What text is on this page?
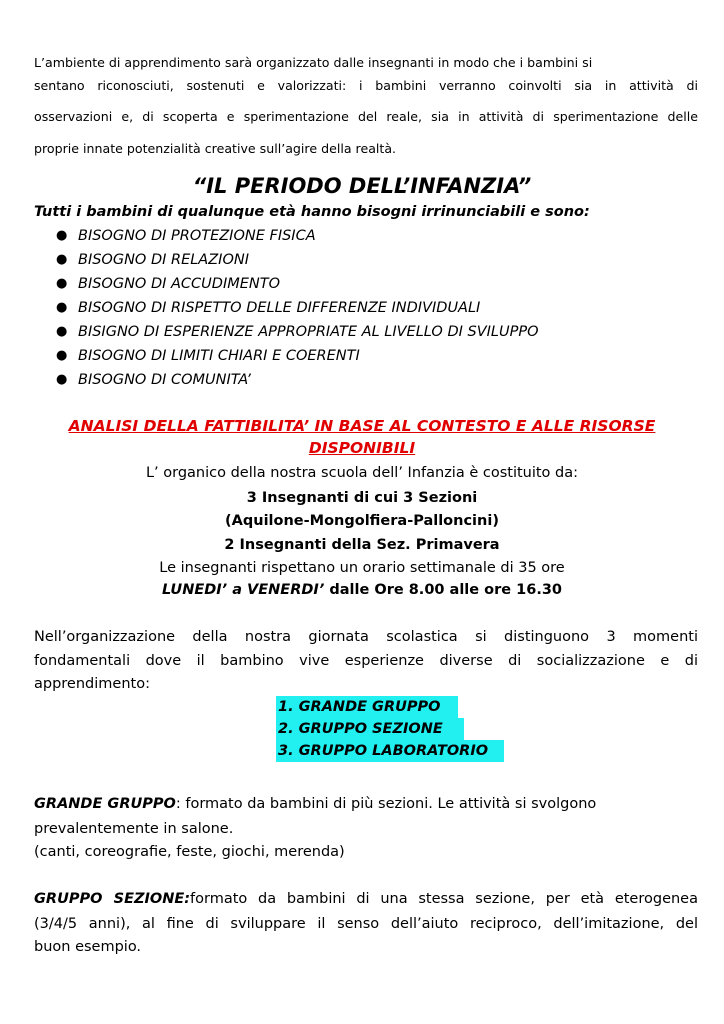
L’ambiente di apprendimento sarà organizzato dalle insegnanti in modo che i bambini si
sentano riconosciuti, sostenuti e valorizzati: i bambini verranno coinvolti sia in attività di
osservazioni e, di scoperta e sperimentazione del reale, sia in attività di sperimentazione delle
proprie innate potenzialità creative sull’agire della realtà.
“IL PERIODO DELL’INFANZIA”
Tutti i bambini di qualunque età hanno bisogni irrinunciabili e sono:
● BISOGNO DI PROTEZIONE FISICA
● BISOGNO DI RELAZIONI
● BISOGNO DI ACCUDIMENTO
● BISOGNO DI RISPETTO DELLE DIFFERENZE INDIVIDUALI
● BISIGNO DI ESPERIENZE APPROPRIATE AL LIVELLO DI SVILUPPO
● BISOGNO DI LIMITI CHIARI E COERENTI
● BISOGNO DI COMUNITA’
ANALISI DELLA FATTIBILITA’ IN BASE AL CONTESTO E ALLE RISORSE
DISPONIBILI
L’ organico della nostra scuola dell’ Infanzia è costituito da:
3 Insegnanti di cui 3 Sezioni
(Aquilone-Mongolfiera-Palloncini)
2 Insegnanti della Sez. Primavera
Le insegnanti rispettano un orario settimanale di 35 ore
LUNEDI’ a VENERDI’ dalle Ore 8.00 alle ore 16.30
Nell’organizzazione della nostra giornata scolastica si distinguono 3 momenti
fondamentali dove il bambino vive esperienze diverse di socializzazione e di
apprendimento:
1. GRANDE GRUPPO
2. GRUPPO SEZIONE
3. GRUPPO LABORATORIO
GRANDE GRUPPO: formato da bambini di più sezioni. Le attività si svolgono
prevalentemente in salone.
(canti, coreografie, feste, giochi, merenda)
GRUPPO SEZIONE:formato da bambini di una stessa sezione, per età eterogenea
(3/4/5 anni), al fine di sviluppare il senso dell’aiuto reciproco, dell’imitazione, del
buon esempio.
